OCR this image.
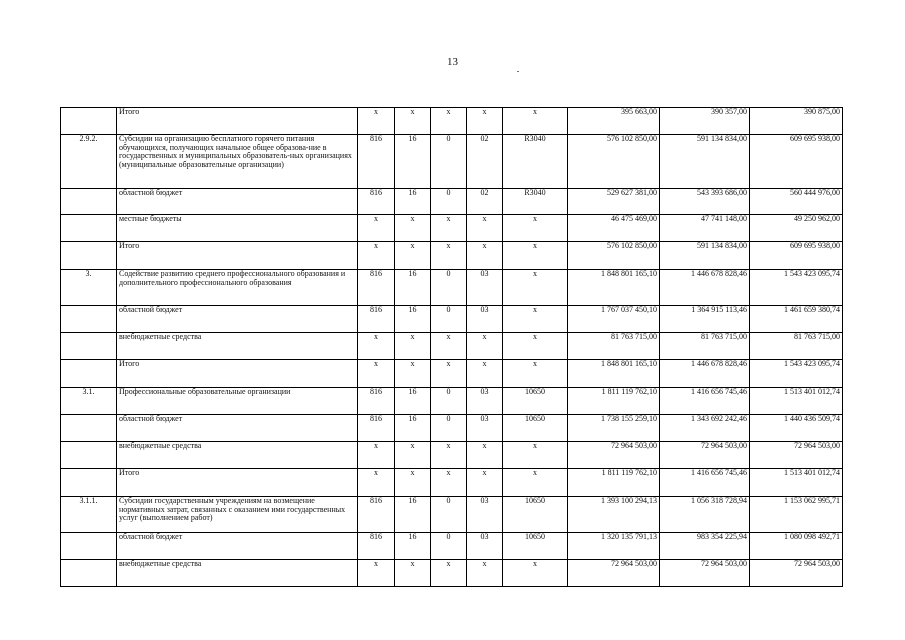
13
	Итого	х	х	х	х	х	395 663,00	390 357,00	390 875,00
2.9.2.	Субсидии на организацию бесплатного горячего питания обучающихся, получающих начальное общее образова-ние в государственных и муниципальных образователь-ных организациях (муниципальные образовательные организации)	816	16	0	02	R3040	576 102 850,00	591 134 834,00	609 695 938,00
	областной бюджет	816	16	0	02	R3040	529 627 381,00	543 393 686,00	560 444 976,00
	местные бюджеты	х	х	х	х	х	46 475 469,00	47 741 148,00	49 250 962,00
	Итого	х	х	х	х	х	576 102 850,00	591 134 834,00	609 695 938,00
3.	Содействие развитию среднего профессионального образования и дополнительного профессионального образования	816	16	0	03	х	1 848 801 165,10	1 446 678 828,46	1 543 423 095,74
	областной бюджет	816	16	0	03	х	1 767 037 450,10	1 364 915 113,46	1 461 659 380,74
	внебюджетные средства	х	х	х	х	х	81 763 715,00	81 763 715,00	81 763 715,00
	Итого	х	х	х	х	х	1 848 801 165,10	1 446 678 828,46	1 543 423 095,74
3.1.	Профессиональные образовательные организации	816	16	0	03	10650	1 811 119 762,10	1 416 656 745,46	1 513 401 012,74
	областной бюджет	816	16	0	03	10650	1 738 155 259,10	1 343 692 242,46	1 440 436 509,74
	внебюджетные средства	х	х	х	х	х	72 964 503,00	72 964 503,00	72 964 503,00
	Итого	х	х	х	х	х	1 811 119 762,10	1 416 656 745,46	1 513 401 012,74
3.1.1.	Субсидии государственным учреждениям на возмещение нормативных затрат, связанных с оказанием ими государственных услуг (выполнением работ)	816	16	0	03	10650	1 393 100 294,13	1 056 318 728,94	1 153 062 995,71
	областной бюджет	816	16	0	03	10650	1 320 135 791,13	983 354 225,94	1 080 098 492,71
	внебюджетные средства	х	х	х	х	х	72 964 503,00	72 964 503,00	72 964 503,00
